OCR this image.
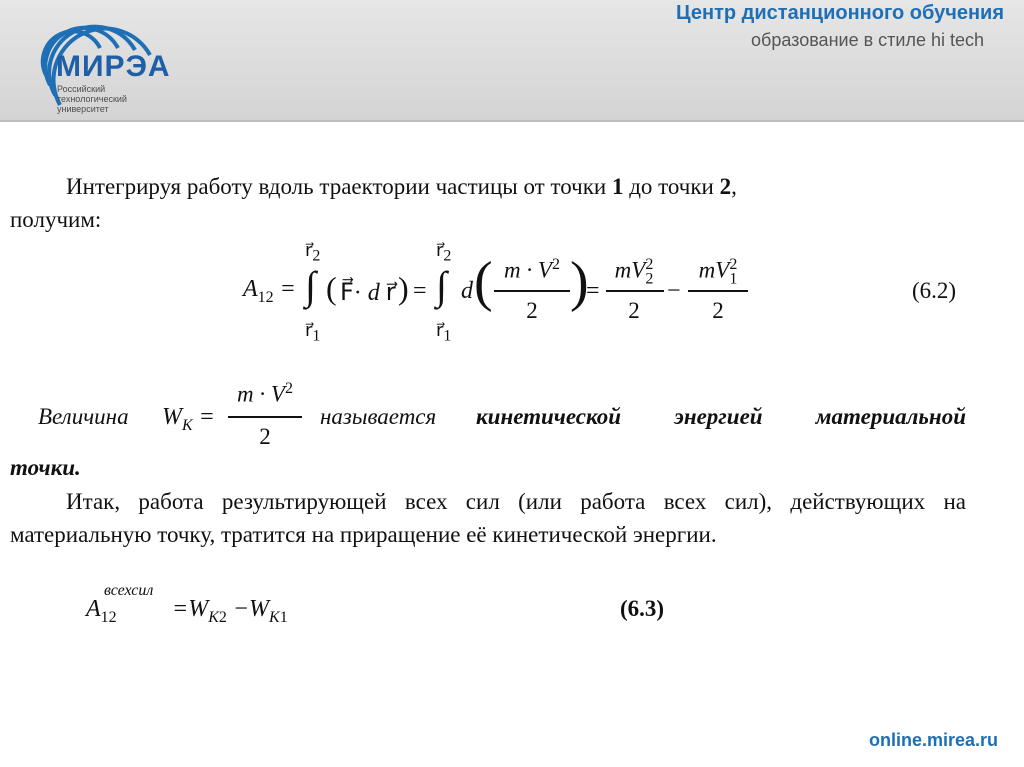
МИРЭА
Российский технологический университет
Центр дистанционного обучения
образование в стиле hi tech
Интегрируя работу вдоль траектории частицы от точки 1 до точки 2,
получим:
$A_{12}$ = ∫
$r⃗_2$
$r⃗_1$
( F⃗· d r⃗ ) = ∫
$r⃗_2$
$r⃗_1$
d ( $m \cdot V^2$
2 )
=
$mV_2^2$
2
−
$mV_1^2$
2
(6.2)
Величина $W_K$ =
$m \cdot V^2$
2
называется кинетической энергией материальной
точки.
Итак, работа результирующей всех сил (или работа всех сил), действующих на материальную точку, тратится на приращение её кинетической энергии.
$A_{12}$
всехсил
$=W_{K2} -W_{K1}$	(6.3)
online.mirea.ru
